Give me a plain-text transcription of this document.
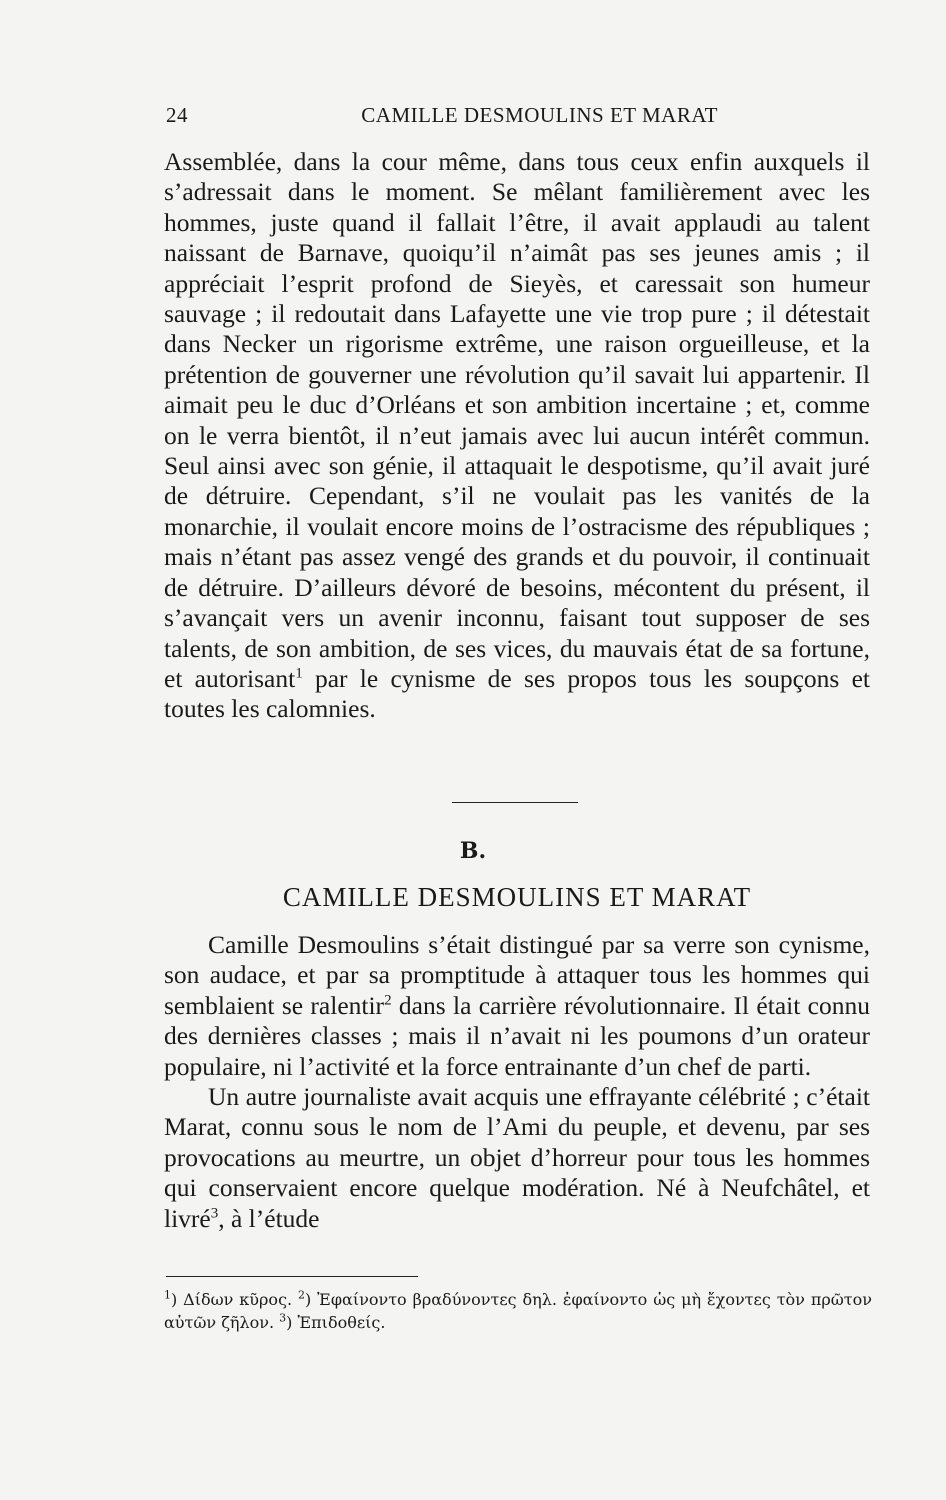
24	CAMILLE DESMOULINS ET MARAT

Assemblée, dans la cour même, dans tous ceux enfin auxquels il s’adressait dans le moment. Se mêlant familièrement avec les hommes, juste quand il fallait l’être, il avait applaudi au talent naissant de Barnave, quoiqu’il n’aimât pas ses jeunes amis ; il appréciait l’esprit profond de Sieyès, et caressait son humeur sauvage ; il redoutait dans Lafayette une vie trop pure ; il détestait dans Necker un rigorisme extrême, une raison orgueilleuse, et la prétention de gouverner une révolution qu’il savait lui appartenir. Il aimait peu le duc d’Orléans et son ambition incertaine ; et, comme on le verra bientôt, il n’eut jamais avec lui aucun intérêt commun. Seul ainsi avec son génie, il attaquait le despotisme, qu’il avait juré de détruire. Cependant, s’il ne voulait pas les vanités de la monarchie, il voulait encore moins de l’ostracisme des républiques ; mais n’étant pas assez vengé des grands et du pouvoir, il continuait de détruire. D’ailleurs dévoré de besoins, mécontent du présent, il s’avançait vers un avenir inconnu, faisant tout supposer de ses talents, de son ambition, de ses vices, du mauvais état de sa fortune, et autorisant$^1$ par le cynisme de ses propos tous les soupçons et toutes les calomnies.

B.
CAMILLE DESMOULINS ET MARAT

Camille Desmoulins s’était distingué par sa verre son cynisme, son audace, et par sa promptitude à attaquer tous les hommes qui semblaient se ralentir$^2$ dans la carrière révolutionnaire. Il était connu des dernières classes ; mais il n’avait ni les poumons d’un orateur populaire, ni l’activité et la force entrainante d’un chef de parti.

Un autre journaliste avait acquis une effrayante célébrité ; c’était Marat, connu sous le nom de l’Ami du peuple, et devenu, par ses provocations au meurtre, un objet d’horreur pour tous les hommes qui conservaient encore quelque modération. Né à Neufchâtel, et livré$^3$, à l’étude

$^1$) Δίδων κῦρος. $^2$) Ἐφαίνοντο βραδύνοντες δηλ. ἐφαίνοντο ὡς μὴ ἔχοντες τὸν πρῶτον αὐτῶν ζῆλον. $^3$) Ἐπιδοθείς.
